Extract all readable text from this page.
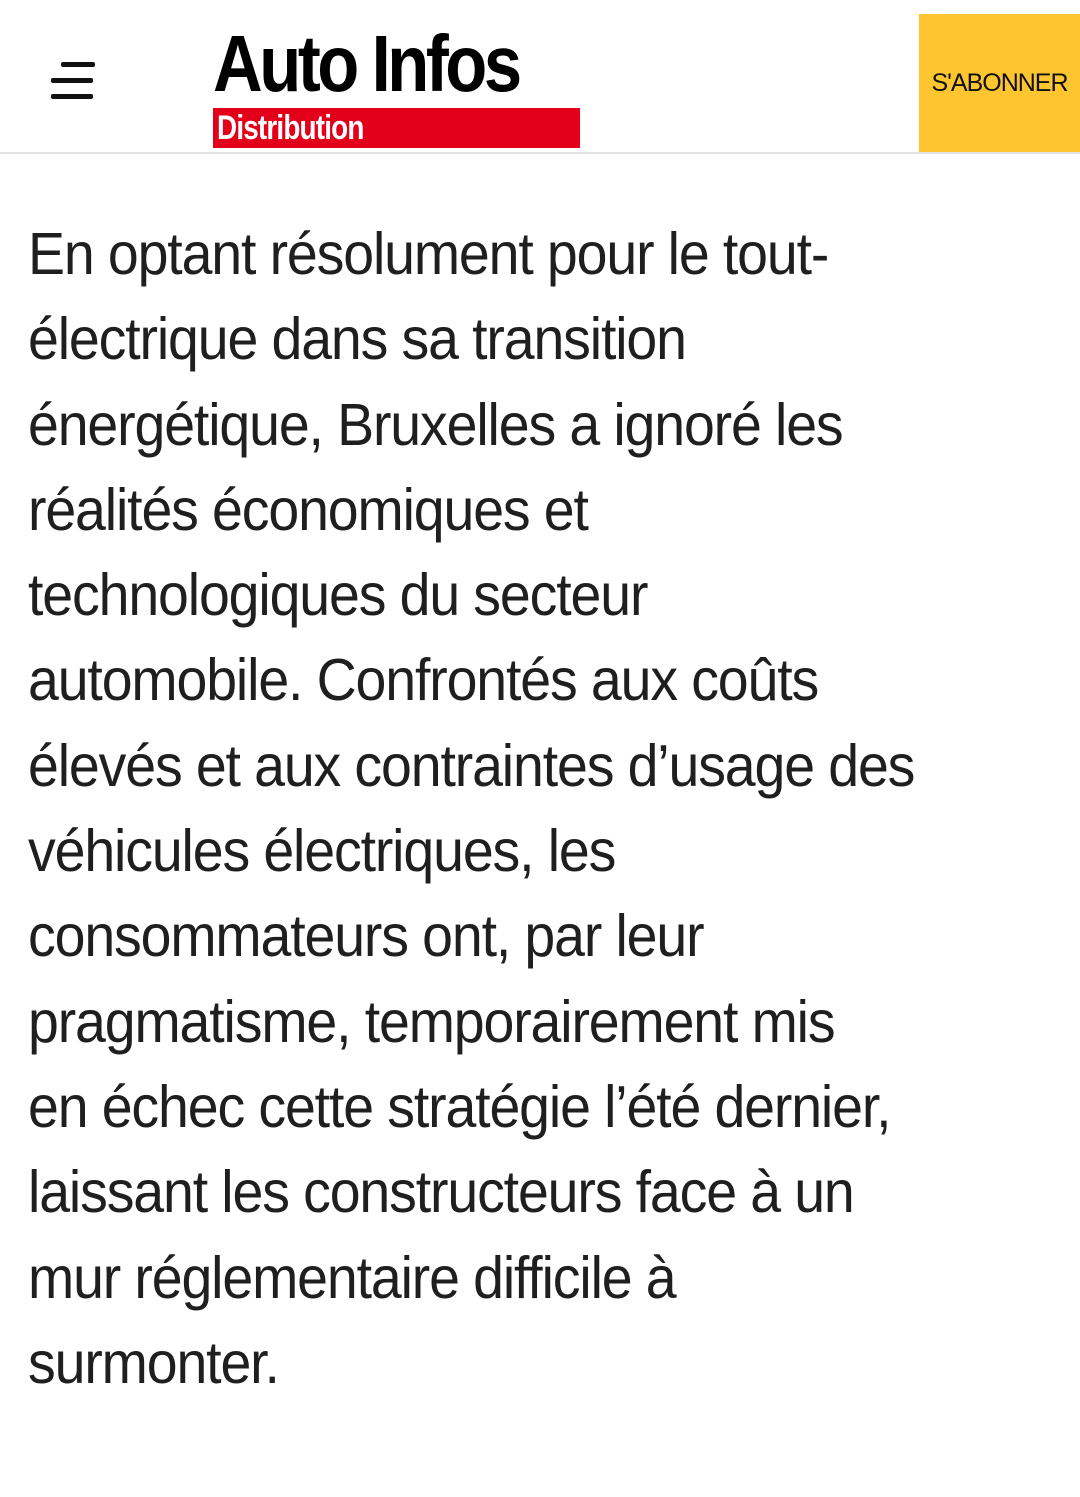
Auto Infos
Distribution
S'ABONNER

En optant résolument pour le tout-
électrique dans sa transition
énergétique, Bruxelles a ignoré les
réalités économiques et
technologiques du secteur
automobile. Confrontés aux coûts
élevés et aux contraintes d’usage des
véhicules électriques, les
consommateurs ont, par leur
pragmatisme, temporairement mis
en échec cette stratégie l’été dernier,
laissant les constructeurs face à un
mur réglementaire difficile à
surmonter.
